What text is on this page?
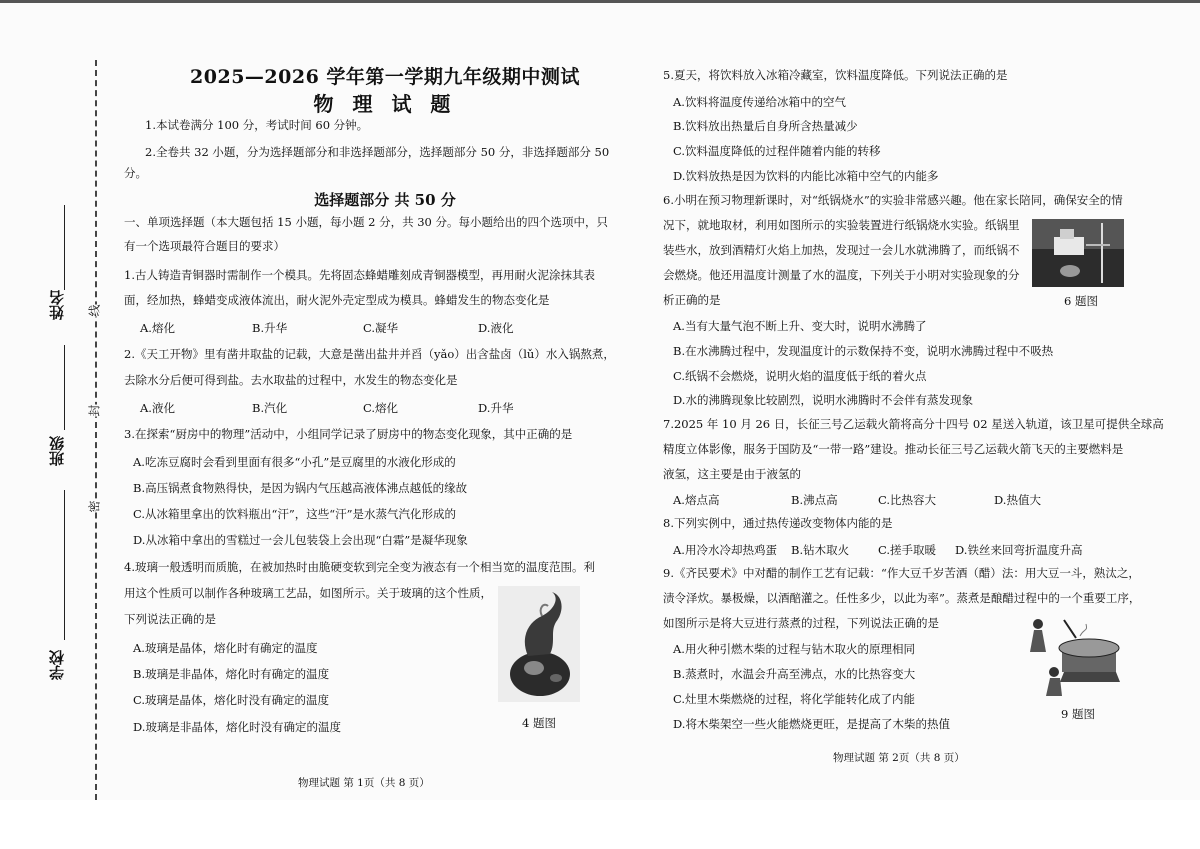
姓名
班级
学校
线
封
密
2025—2026 学年第一学期九年级期中测试
物 理 试 题
1.本试卷满分 100 分，考试时间 60 分钟。
2.全卷共 32 小题，分为选择题部分和非选择题部分，选择题部分 50 分，非选择题部分 50
分。
选择题部分 共 50 分
一、单项选择题（本大题包括 15 小题，每小题 2 分，共 30 分。每小题给出的四个选项中，只
有一个选项最符合题目的要求）
1.古人铸造青铜器时需制作一个模具。先将固态蜂蜡雕刻成青铜器模型，再用耐火泥涂抹其表
面，经加热，蜂蜡变成液体流出，耐火泥外壳定型成为模具。蜂蜡发生的物态变化是
A.熔化	B.升华	C.凝华	D.液化
2.《天工开物》里有凿井取盐的记载，大意是凿出盐井并舀（yǎo）出含盐卤（lǔ）水入锅熬煮，
去除水分后便可得到盐。去水取盐的过程中，水发生的物态变化是
A.液化	B.汽化	C.熔化	D.升华
3.在探索“厨房中的物理”活动中，小组同学记录了厨房中的物态变化现象，其中正确的是
A.吃冻豆腐时会看到里面有很多“小孔”是豆腐里的水液化形成的
B.高压锅煮食物熟得快，是因为锅内气压越高液体沸点越低的缘故
C.从冰箱里拿出的饮料瓶出“汗”，这些“汗”是水蒸气汽化形成的
D.从冰箱中拿出的雪糕过一会儿包装袋上会出现“白霜”是凝华现象
4.玻璃一般透明而质脆，在被加热时由脆硬变软到完全变为液态有一个相当宽的温度范围。利
用这个性质可以制作各种玻璃工艺品，如图所示。关于玻璃的这个性质，
下列说法正确的是
A.玻璃是晶体，熔化时有确定的温度
B.玻璃是非晶体，熔化时有确定的温度
C.玻璃是晶体，熔化时没有确定的温度
D.玻璃是非晶体，熔化时没有确定的温度	4 题图
物理试题 第 1页（共 8 页）
5.夏天，将饮料放入冰箱冷藏室，饮料温度降低。下列说法正确的是
A.饮料将温度传递给冰箱中的空气
B.饮料放出热量后自身所含热量减少
C.饮料温度降低的过程伴随着内能的转移
D.饮料放热是因为饮料的内能比冰箱中空气的内能多
6.小明在预习物理新课时，对“纸锅烧水”的实验非常感兴趣。他在家长陪同，确保安全的情
况下，就地取材，利用如图所示的实验装置进行纸锅烧水实验。纸锅里
装些水，放到酒精灯火焰上加热，发现过一会儿水就沸腾了，而纸锅不
会燃烧。他还用温度计测量了水的温度，下列关于小明对实验现象的分
析正确的是	6 题图
A.当有大量气泡不断上升、变大时，说明水沸腾了
B.在水沸腾过程中，发现温度计的示数保持不变，说明水沸腾过程中不吸热
C.纸锅不会燃烧，说明火焰的温度低于纸的着火点
D.水的沸腾现象比较剧烈，说明水沸腾时不会伴有蒸发现象
7.2025 年 10 月 26 日，长征三号乙运载火箭将高分十四号 02 星送入轨道，该卫星可提供全球高
精度立体影像，服务于国防及“一带一路”建设。推动长征三号乙运载火箭飞天的主要燃料是
液氢，这主要是由于液氢的
A.熔点高	B.沸点高	C.比热容大	D.热值大
8.下列实例中，通过热传递改变物体内能的是
A.用冷水冷却热鸡蛋 B.钻木取火	C.搓手取暖 D.铁丝来回弯折温度升高
9.《齐民要术》中对醋的制作工艺有记载：“作大豆千岁苦酒（醋）法：用大豆一斗，熟汰之，
渍令泽炊。暴极燥，以酒醅灌之。任性多少，以此为率”。蒸煮是酿醋过程中的一个重要工序，
如图所示是将大豆进行蒸煮的过程，下列说法正确的是
A.用火种引燃木柴的过程与钻木取火的原理相同
B.蒸煮时，水温会升高至沸点，水的比热容变大
C.灶里木柴燃烧的过程，将化学能转化成了内能
D.将木柴架空一些火能燃烧更旺，是提高了木柴的热值
9 题图
物理试题 第 2页（共 8 页）
